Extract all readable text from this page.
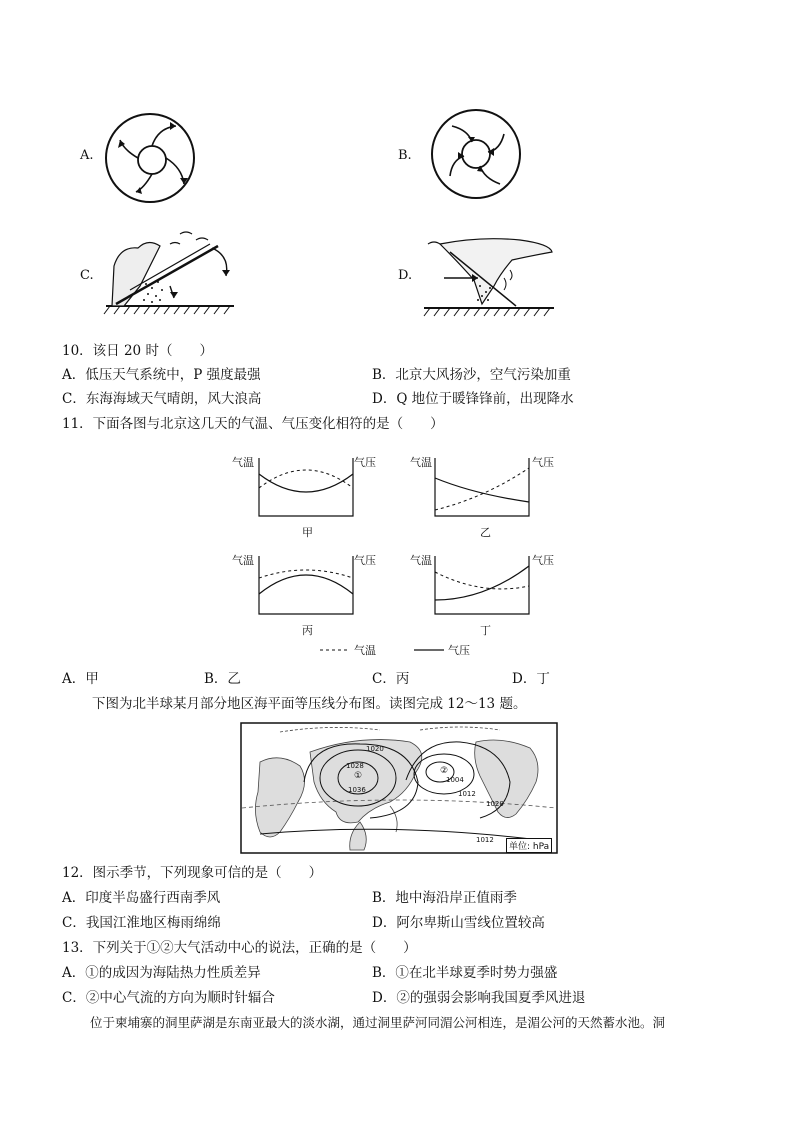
A.	B.
C.	D.
10．该日 20 时（　　）
A．低压天气系统中，P 强度最强	B．北京大风扬沙，空气污染加重
C．东海海域天气晴朗，风大浪高	D．Q 地位于暖锋锋前，出现降水
11．下面各图与北京这几天的气温、气压变化相符的是（　　）
气温	气压
甲
气温	气压
乙
气温	气压
丙
气温	气压
丁
气温	气压
A．甲	B．乙	C．丙	D．丁
下图为北半球某月部分地区海平面等压线分布图。读图完成 12～13 题。
1020
1028
①
1036
②
1004
1012
1020
1012
单位: hPa
12．图示季节，下列现象可信的是（　　）
A．印度半岛盛行西南季风	B．地中海沿岸正值雨季
C．我国江淮地区梅雨绵绵	D．阿尔卑斯山雪线位置较高
13．下列关于①②大气活动中心的说法，正确的是（　　）
A．①的成因为海陆热力性质差异	B．①在北半球夏季时势力强盛
C．②中心气流的方向为顺时针辐合	D．②的强弱会影响我国夏季风进退
位于柬埔寨的洞里萨湖是东南亚最大的淡水湖，通过洞里萨河同湄公河相连，是湄公河的天然蓄水池。洞
